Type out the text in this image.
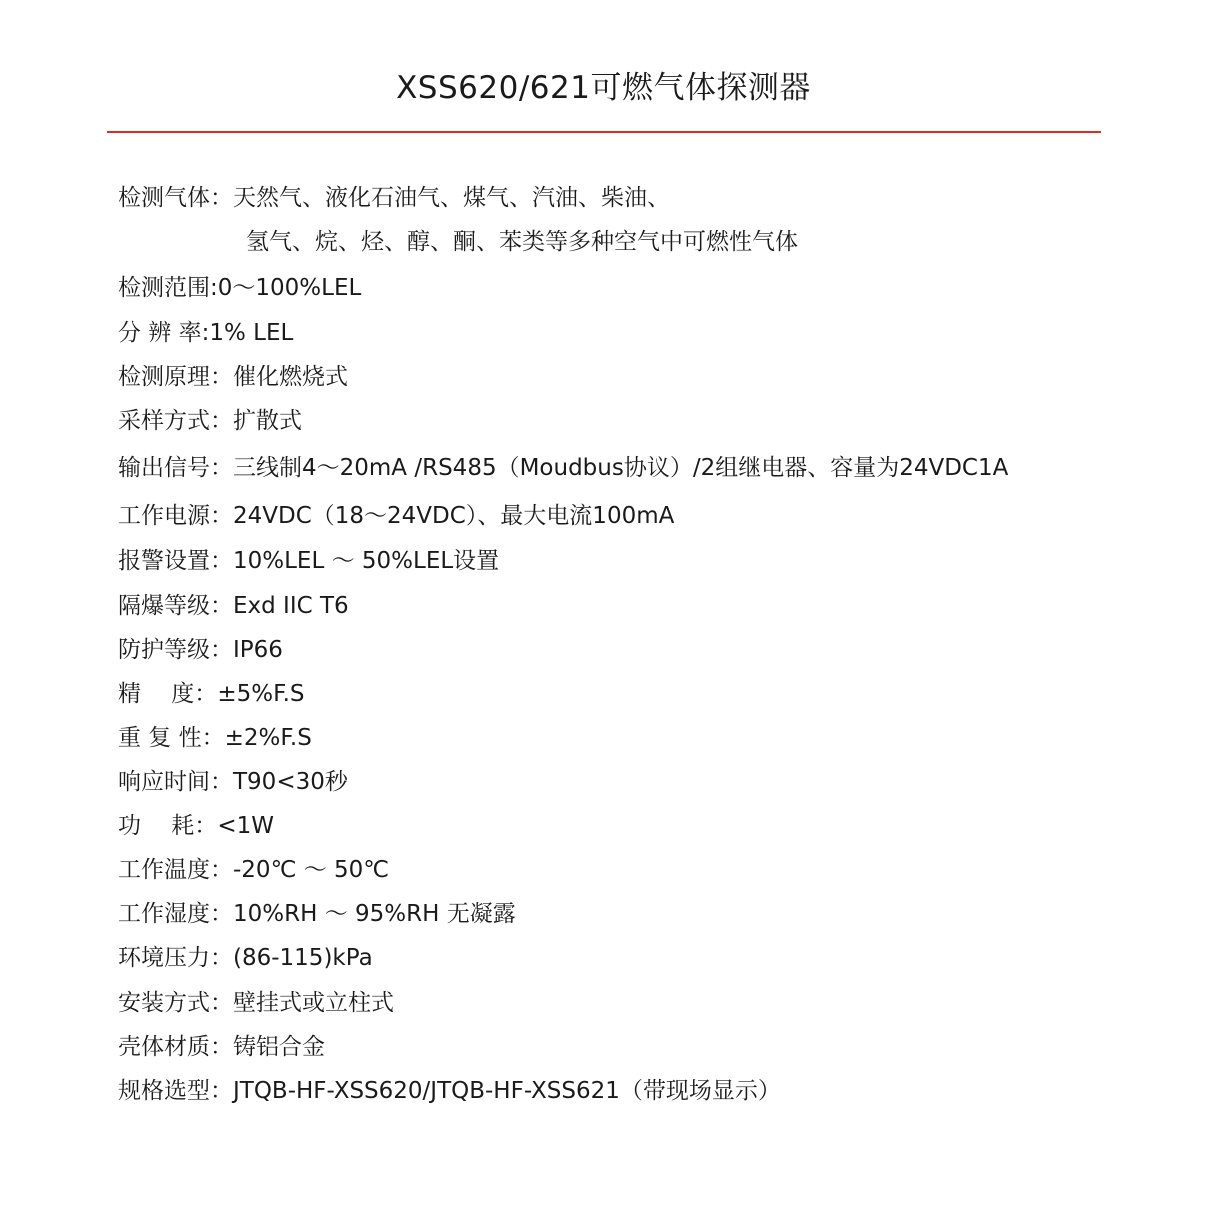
XSS620/621可燃气体探测器
检测气体：天然气、液化石油气、煤气、汽油、柴油、
氢气、烷、烃、醇、酮、苯类等多种空气中可燃性气体
检测范围:0～100%LEL
分 辨 率:1% LEL
检测原理：催化燃烧式
采样方式：扩散式
输出信号：三线制4～20mA /RS485（Moudbus协议）/2组继电器、容量为24VDC1A
工作电源：24VDC（18～24VDC）、最大电流100mA
报警设置：10%LEL ～ 50%LEL设置
隔爆等级：Exd IIC T6
防护等级：IP66
精　 度：±5%F.S
重 复 性：±2%F.S
响应时间：T90<30秒
功　 耗：<1W
工作温度：-20℃ ～ 50℃
工作湿度：10%RH ～ 95%RH 无凝露
环境压力：(86-115)kPa
安装方式：壁挂式或立柱式
壳体材质：铸铝合金
规格选型：JTQB-HF-XSS620/JTQB-HF-XSS621（带现场显示）
